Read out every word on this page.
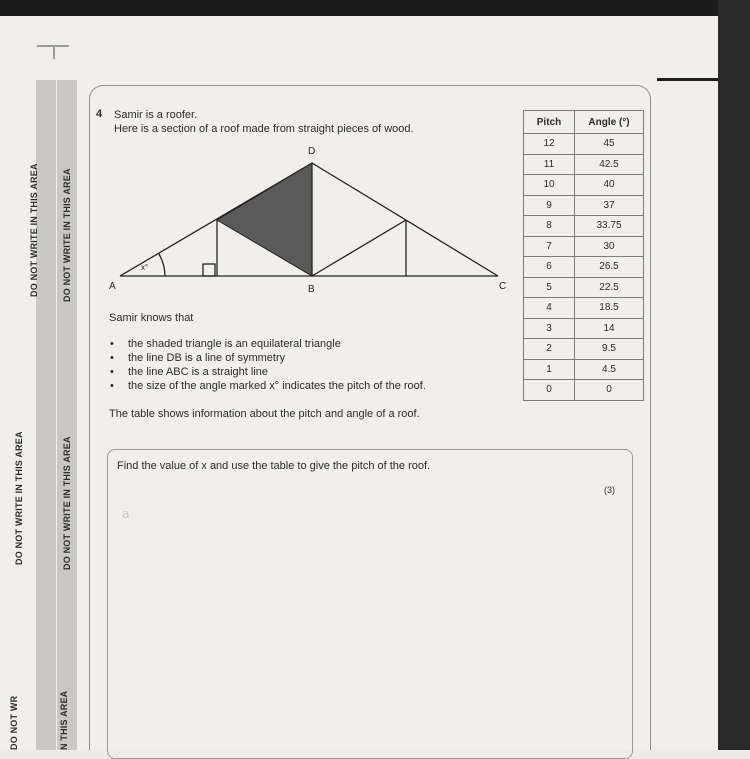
DO NOT WRITE IN THIS AREA
DO NOT WRITE IN THIS AREA
DO NOT WR
DO NOT WRITE IN THIS AREA
DO NOT WRITE IN THIS AREA
N THIS AREA
4 Samir is a roofer.
Here is a section of a roof made from straight pieces of wood.
x°
A	B	C
D
Samir knows that
• the shaded triangle is an equilateral triangle
• the line DB is a line of symmetry
• the line ABC is a straight line
• the size of the angle marked x° indicates the pitch of the roof.
The table shows information about the pitch and angle of a roof.
Pitch	Angle (°)
12	45
11	42.5
10	40
9	37
8	33.75
7	30
6	26.5
5	22.5
4	18.5
3	14
2	9.5
1	4.5
0	0
Find the value of x and use the table to give the pitch of the roof.
(3)
a
